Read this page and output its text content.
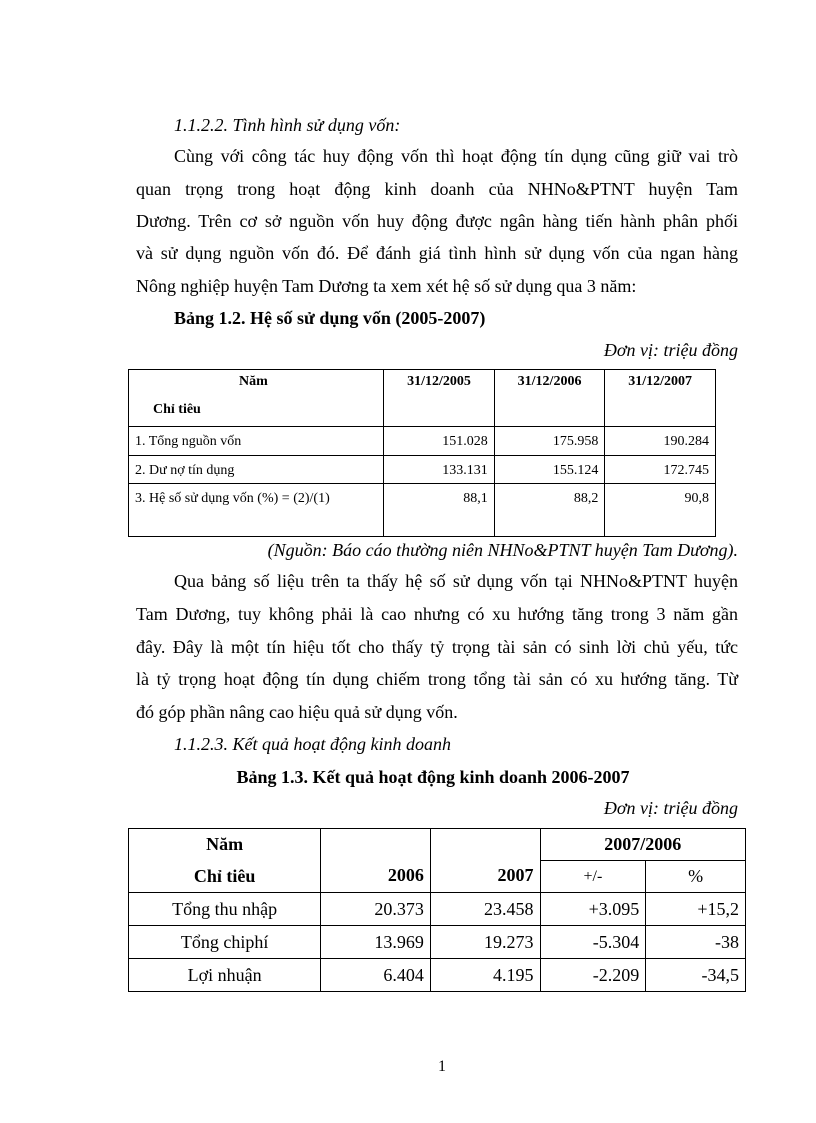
1.1.2.2. Tình hình sử dụng vốn:
Cùng với công tác huy động vốn thì hoạt động tín dụng cũng giữ vai trò
quan trọng trong hoạt động kinh doanh của NHNo&PTNT huyện Tam
Dương. Trên cơ sở nguồn vốn huy động được ngân hàng tiến hành phân phối
và sử dụng nguồn vốn đó. Để đánh giá tình hình sử dụng vốn của ngan hàng
Nông nghiệp huyện Tam Dương ta xem xét hệ số sử dụng qua 3 năm:
Bảng 1.2. Hệ số sử dụng vốn (2005-2007)
Đơn vị: triệu đồng
Năm
Chỉ tiêu	31/12/2005	31/12/2006	31/12/2007
1. Tổng nguồn vốn	151.028	175.958	190.284
2. Dư nợ tín dụng	133.131	155.124	172.745
3. Hệ số sử dụng vốn (%) = (2)/(1)	88,1	88,2	90,8
(Nguồn: Báo cáo thường niên NHNo&PTNT huyện Tam Dương).
Qua bảng số liệu trên ta thấy hệ số sử dụng vốn tại NHNo&PTNT huyện
Tam Dương, tuy không phải là cao nhưng có xu hướng tăng trong 3 năm gần
đây. Đây là một tín hiệu tốt cho thấy tỷ trọng tài sản có sinh lời chủ yếu, tức
là tỷ trọng hoạt động tín dụng chiếm trong tổng tài sản có xu hướng tăng. Từ
đó góp phần nâng cao hiệu quả sử dụng vốn.
1.1.2.3. Kết quả hoạt động kinh doanh
Bảng 1.3. Kết quả hoạt động kinh doanh 2006-2007
Đơn vị: triệu đồng
Năm	2006	2007	2007/2006	
Chỉ tiêu			+/-	%
Tổng thu nhập	20.373	23.458	+3.095	+15,2
Tổng chiphí	13.969	19.273	-5.304	-38
Lợi nhuận	6.404	4.195	-2.209	-34,5
1
